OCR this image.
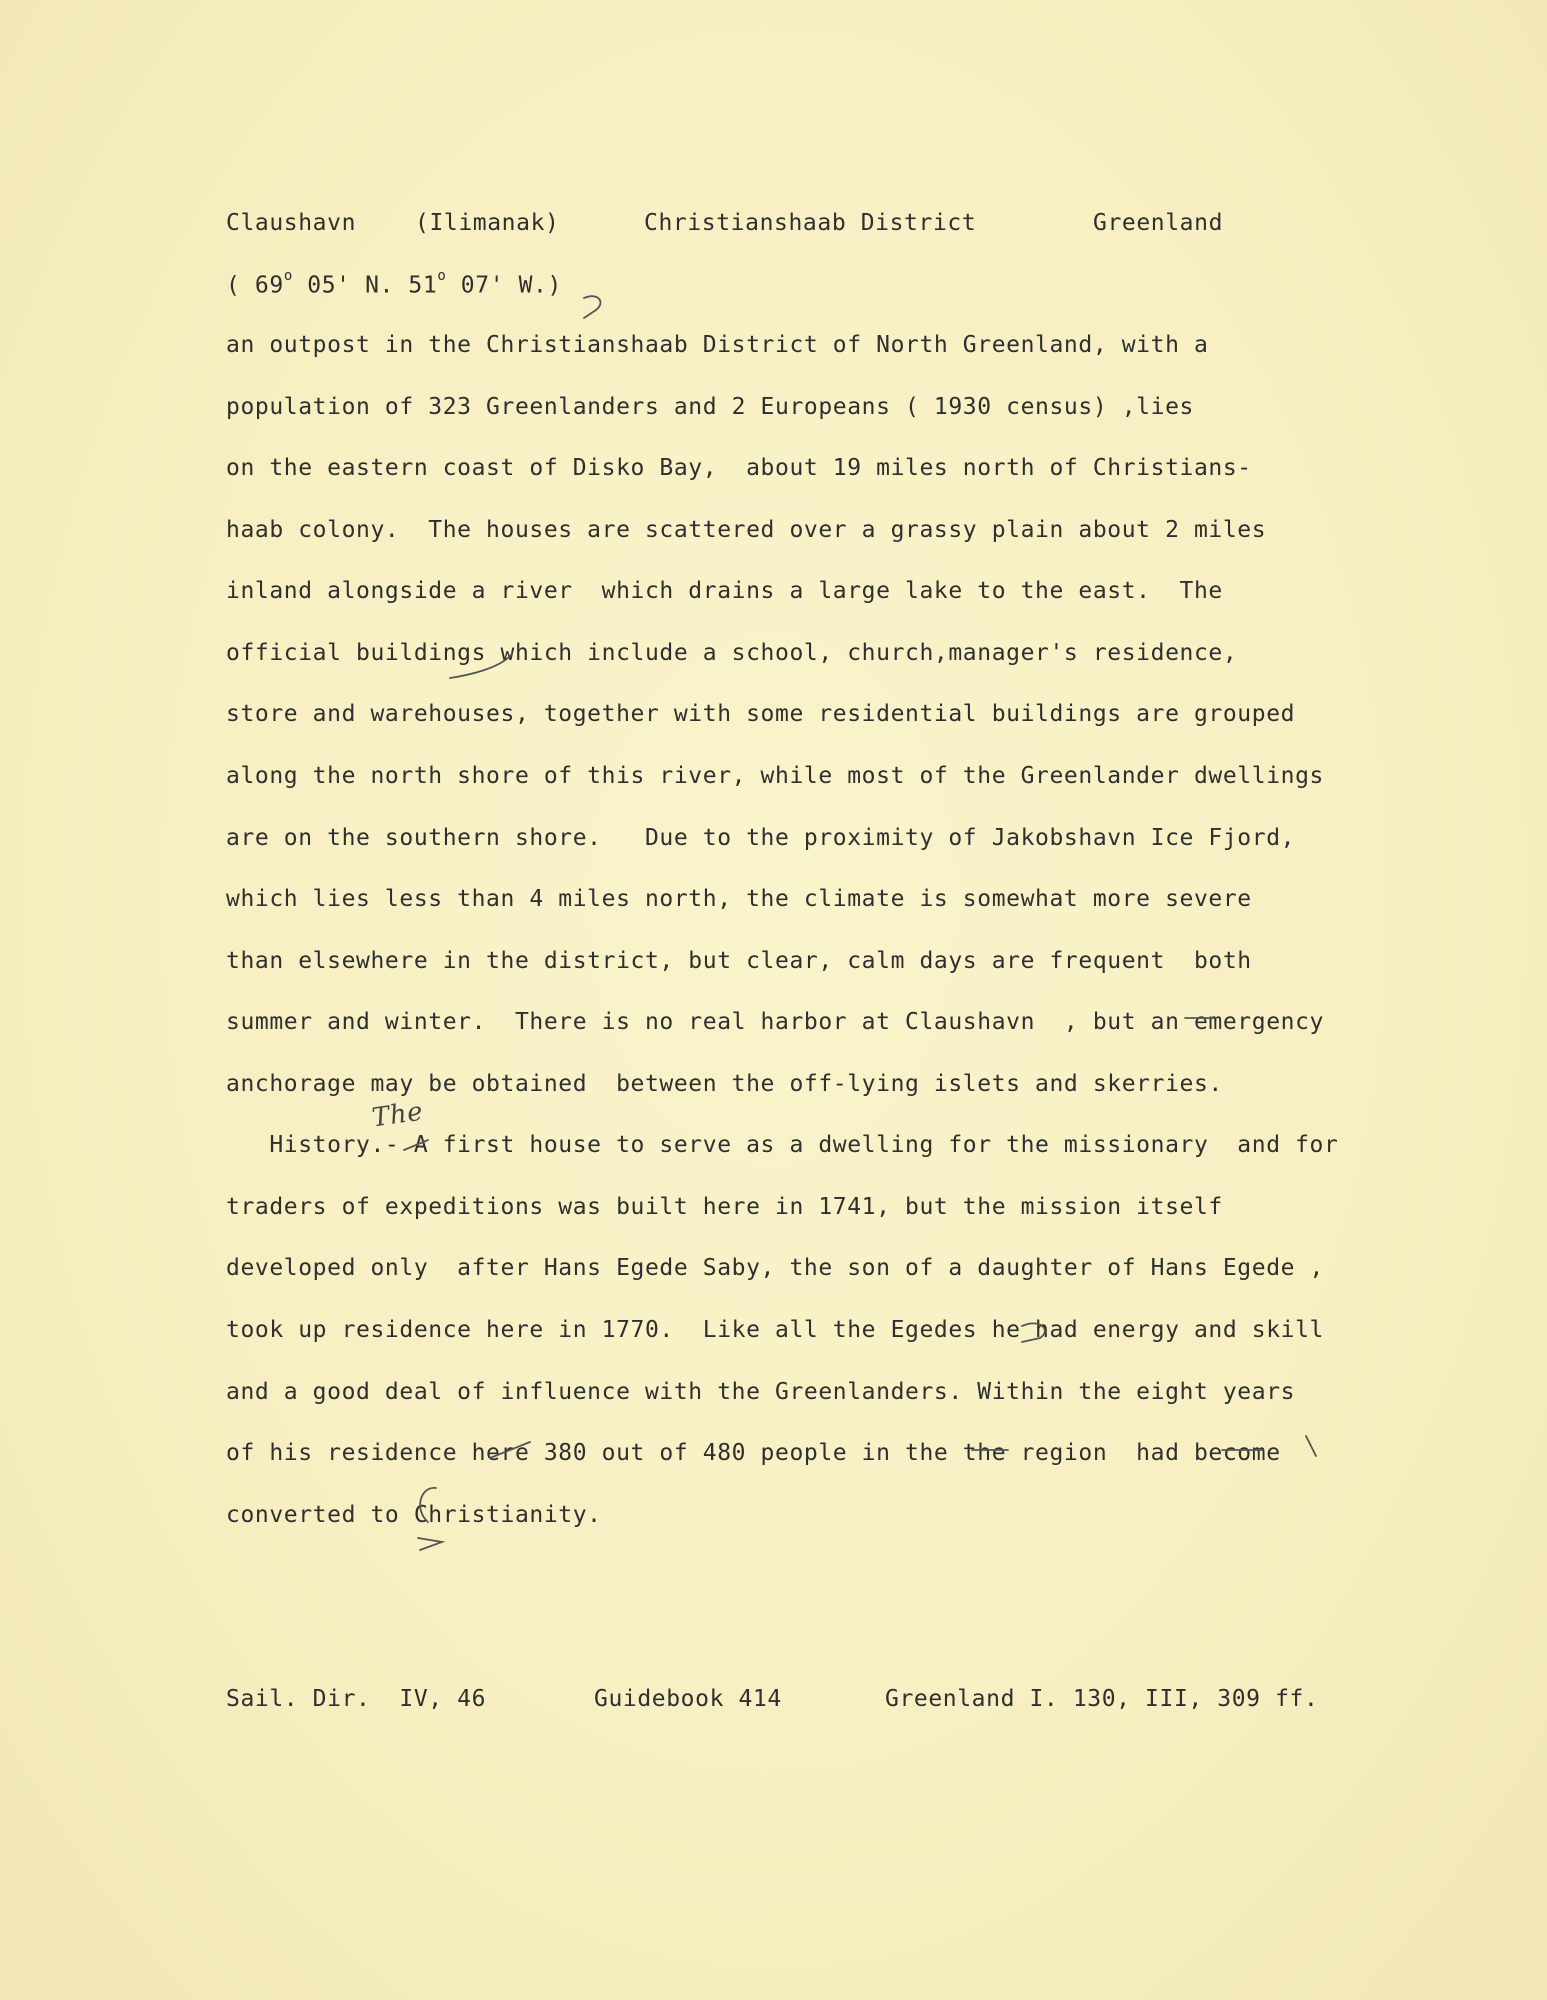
Claushavn	(Ilimanak)	Christianshaab District	Greenland
( 69$^o$ 05' N. 51$^o$ 07' W.)
an outpost in the Christianshaab District of North Greenland, with a
population of 323 Greenlanders and 2 Europeans ( 1930 census) ,lies
on the eastern coast of Disko Bay,  about 19 miles north of Christians-
haab colony.  The houses are scattered over a grassy plain about 2 miles
inland alongside a river  which drains a large lake to the east.  The
official buildings which include a school, church,manager's residence,
store and warehouses, together with some residential buildings are grouped
along the north shore of this river, while most of the Greenlander dwellings
are on the southern shore.   Due to the proximity of Jakobshavn Ice Fjord,
which lies less than 4 miles north, the climate is somewhat more severe
than elsewhere in the district, but clear, calm days are frequent  both
summer and winter.  There is no real harbor at Claushavn  , but an emergency
anchorage may be obtained  between the off-lying islets and skerries.
History.- A first house to serve as a dwelling for the missionary  and for
traders of expeditions was built here in 1741, but the mission itself
developed only  after Hans Egede Saby, the son of a daughter of Hans Egede ,
took up residence here in 1770.  Like all the Egedes he had energy and skill
and a good deal of influence with the Greenlanders. Within the eight years
of his residence here 380 out of 480 people in the the region  had become
converted to Christianity.
The
Sail. Dir.  IV, 46	Guidebook 414	Greenland I. 130, III, 309 ff.
